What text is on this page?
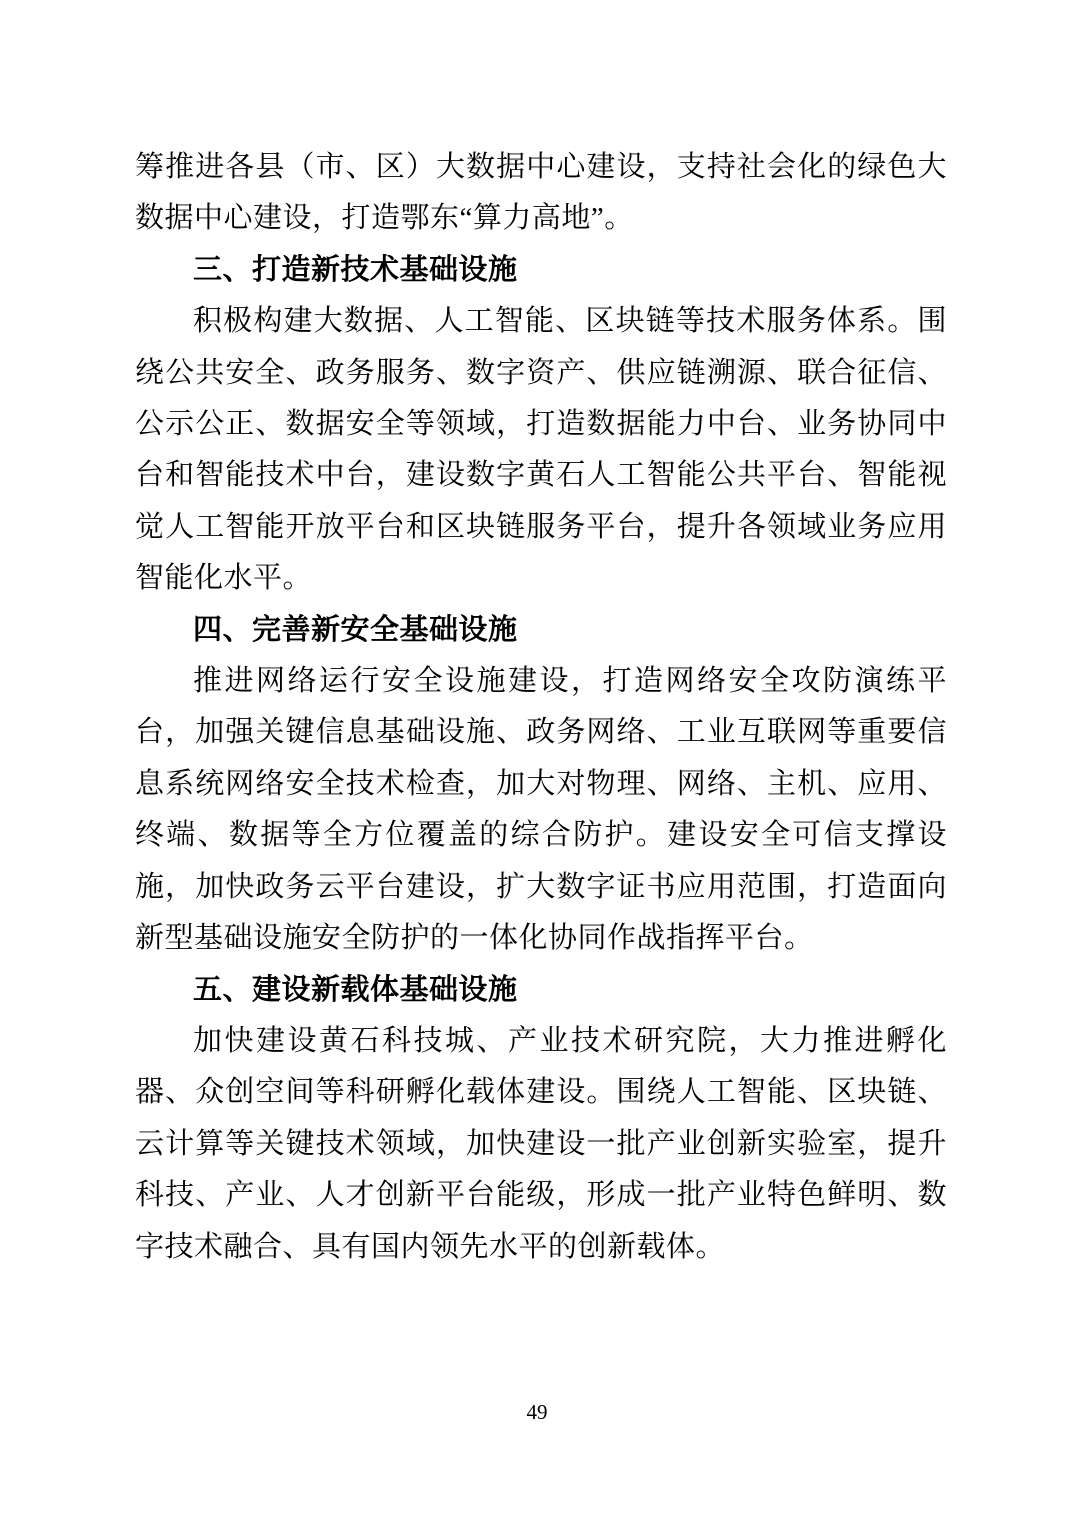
筹推进各县（市、区）大数据中心建设，支持社会化的绿色大数据中心建设，打造鄂东“算力高地”。

三、打造新技术基础设施

积极构建大数据、人工智能、区块链等技术服务体系。围绕公共安全、政务服务、数字资产、供应链溯源、联合征信、公示公正、数据安全等领域，打造数据能力中台、业务协同中台和智能技术中台，建设数字黄石人工智能公共平台、智能视觉人工智能开放平台和区块链服务平台，提升各领域业务应用智能化水平。

四、完善新安全基础设施

推进网络运行安全设施建设，打造网络安全攻防演练平台，加强关键信息基础设施、政务网络、工业互联网等重要信息系统网络安全技术检查，加大对物理、网络、主机、应用、终端、数据等全方位覆盖的综合防护。建设安全可信支撑设施，加快政务云平台建设，扩大数字证书应用范围，打造面向新型基础设施安全防护的一体化协同作战指挥平台。

五、建设新载体基础设施

加快建设黄石科技城、产业技术研究院，大力推进孵化器、众创空间等科研孵化载体建设。围绕人工智能、区块链、云计算等关键技术领域，加快建设一批产业创新实验室，提升科技、产业、人才创新平台能级，形成一批产业特色鲜明、数字技术融合、具有国内领先水平的创新载体。

49
